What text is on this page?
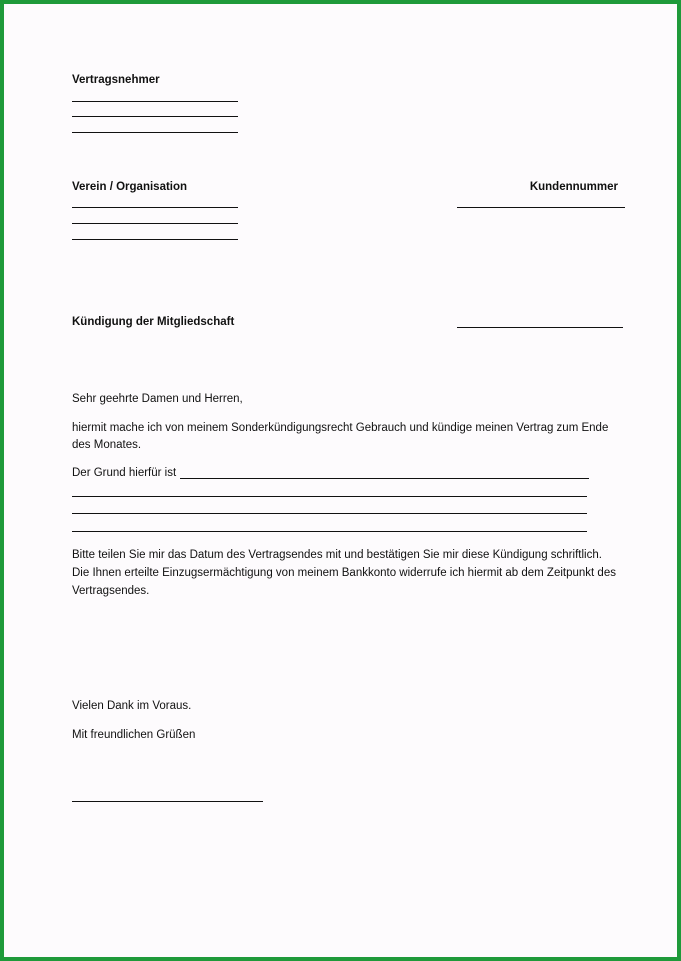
Vertragsnehmer
Verein / Organisation	Kundennummer
Kündigung der Mitgliedschaft
Sehr geehrte Damen und Herren,
hiermit mache ich von meinem Sonderkündigungsrecht Gebrauch und kündige meinen Vertrag zum Ende
des Monates.
Der Grund hierfür ist
Bitte teilen Sie mir das Datum des Vertragsendes mit und bestätigen Sie mir diese Kündigung schriftlich.
Die Ihnen erteilte Einzugsermächtigung von meinem Bankkonto widerrufe ich hiermit ab dem Zeitpunkt des
Vertragsendes.
Vielen Dank im Voraus.
Mit freundlichen Grüßen
